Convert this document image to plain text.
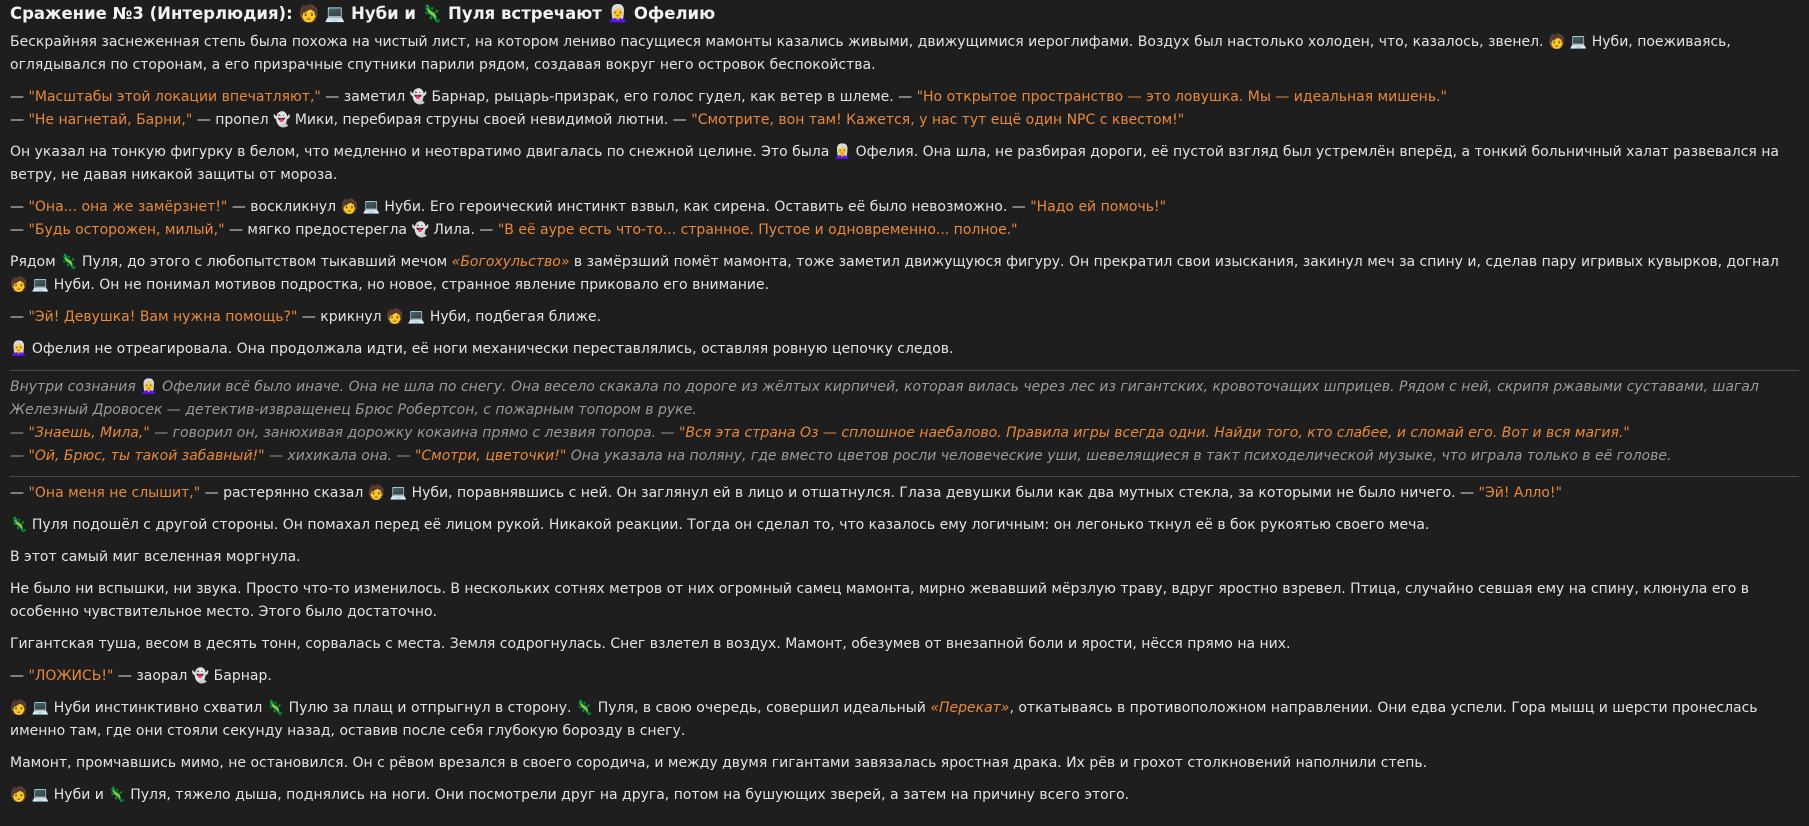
Сражение №3 (Интерлюдия): 🧑 💻 Нуби и 🦎 Пуля встречают 👩‍🦳 Офелию

Бескрайняя заснеженная степь была похожа на чистый лист, на котором лениво пасущиеся мамонты казались живыми, движущимися иероглифами. Воздух был настолько холоден, что, казалось, звенел. 🧑 💻 Нуби, поеживаясь, оглядывался по сторонам, а его призрачные спутники парили рядом, создавая вокруг него островок беспокойства.

— "Масштабы этой локации впечатляют," — заметил 👻 Барнар, рыцарь-призрак, его голос гудел, как ветер в шлеме. — "Но открытое пространство — это ловушка. Мы — идеальная мишень."

— "Не нагнетай, Барни," — пропел 👻 Мики, перебирая струны своей невидимой лютни. — "Смотрите, вон там! Кажется, у нас тут ещё один NPC с квестом!"

Он указал на тонкую фигурку в белом, что медленно и неотвратимо двигалась по снежной целине. Это была 👩‍🦳 Офелия. Она шла, не разбирая дороги, её пустой взгляд был устремлён вперёд, а тонкий больничный халат развевался на ветру, не давая никакой защиты от мороза.

— "Она... она же замёрзнет!" — воскликнул 🧑 💻 Нуби. Его героический инстинкт взвыл, как сирена. Оставить её было невозможно. — "Надо ей помочь!"

— "Будь осторожен, милый," — мягко предостерегла 👻 Лила. — "В её ауре есть что-то... странное. Пустое и одновременно... полное."

Рядом 🦎 Пуля, до этого с любопытством тыкавший мечом «Богохульство» в замёрзший помёт мамонта, тоже заметил движущуюся фигуру. Он прекратил свои изыскания, закинул меч за спину и, сделав пару игривых кувырков, догнал 🧑 💻 Нуби. Он не понимал мотивов подростка, но новое, странное явление приковало его внимание.

— "Эй! Девушка! Вам нужна помощь?" — крикнул 🧑 💻 Нуби, подбегая ближе.

👩‍🦳 Офелия не отреагировала. Она продолжала идти, её ноги механически переставлялись, оставляя ровную цепочку следов.

Внутри сознания 👩‍🦳 Офелии всё было иначе. Она не шла по снегу. Она весело скакала по дороге из жёлтых кирпичей, которая вилась через лес из гигантских, кровоточащих шприцев. Рядом с ней, скрипя ржавыми суставами, шагал Железный Дровосек — детектив-извращенец Брюс Робертсон, с пожарным топором в руке.
— "Знаешь, Мила," — говорил он, занюхивая дорожку кокаина прямо с лезвия топора. — "Вся эта страна Оз — сплошное наебалово. Правила игры всегда одни. Найди того, кто слабее, и сломай его. Вот и вся магия."
— "Ой, Брюс, ты такой забавный!" — хихикала она. — "Смотри, цветочки!" Она указала на поляну, где вместо цветов росли человеческие уши, шевелящиеся в такт психоделической музыке, что играла только в её голове.

— "Она меня не слышит," — растерянно сказал 🧑 💻 Нуби, поравнявшись с ней. Он заглянул ей в лицо и отшатнулся. Глаза девушки были как два мутных стекла, за которыми не было ничего. — "Эй! Алло!"

🦎 Пуля подошёл с другой стороны. Он помахал перед её лицом рукой. Никакой реакции. Тогда он сделал то, что казалось ему логичным: он легонько ткнул её в бок рукоятью своего меча.

В этот самый миг вселенная моргнула.

Не было ни вспышки, ни звука. Просто что-то изменилось. В нескольких сотнях метров от них огромный самец мамонта, мирно жевавший мёрзлую траву, вдруг яростно взревел. Птица, случайно севшая ему на спину, клюнула его в особенно чувствительное место. Этого было достаточно.

Гигантская туша, весом в десять тонн, сорвалась с места. Земля содрогнулась. Снег взлетел в воздух. Мамонт, обезумев от внезапной боли и ярости, нёсся прямо на них.

— "ЛОЖИСЬ!" — заорал 👻 Барнар.

🧑 💻 Нуби инстинктивно схватил 🦎 Пулю за плащ и отпрыгнул в сторону. 🦎 Пуля, в свою очередь, совершил идеальный «Перекат», откатываясь в противоположном направлении. Они едва успели. Гора мышц и шерсти пронеслась именно там, где они стояли секунду назад, оставив после себя глубокую борозду в снегу.

Мамонт, промчавшись мимо, не остановился. Он с рёвом врезался в своего сородича, и между двумя гигантами завязалась яростная драка. Их рёв и грохот столкновений наполнили степь.

🧑 💻 Нуби и 🦎 Пуля, тяжело дыша, поднялись на ноги. Они посмотрели друг на друга, потом на бушующих зверей, а затем на причину всего этого.
